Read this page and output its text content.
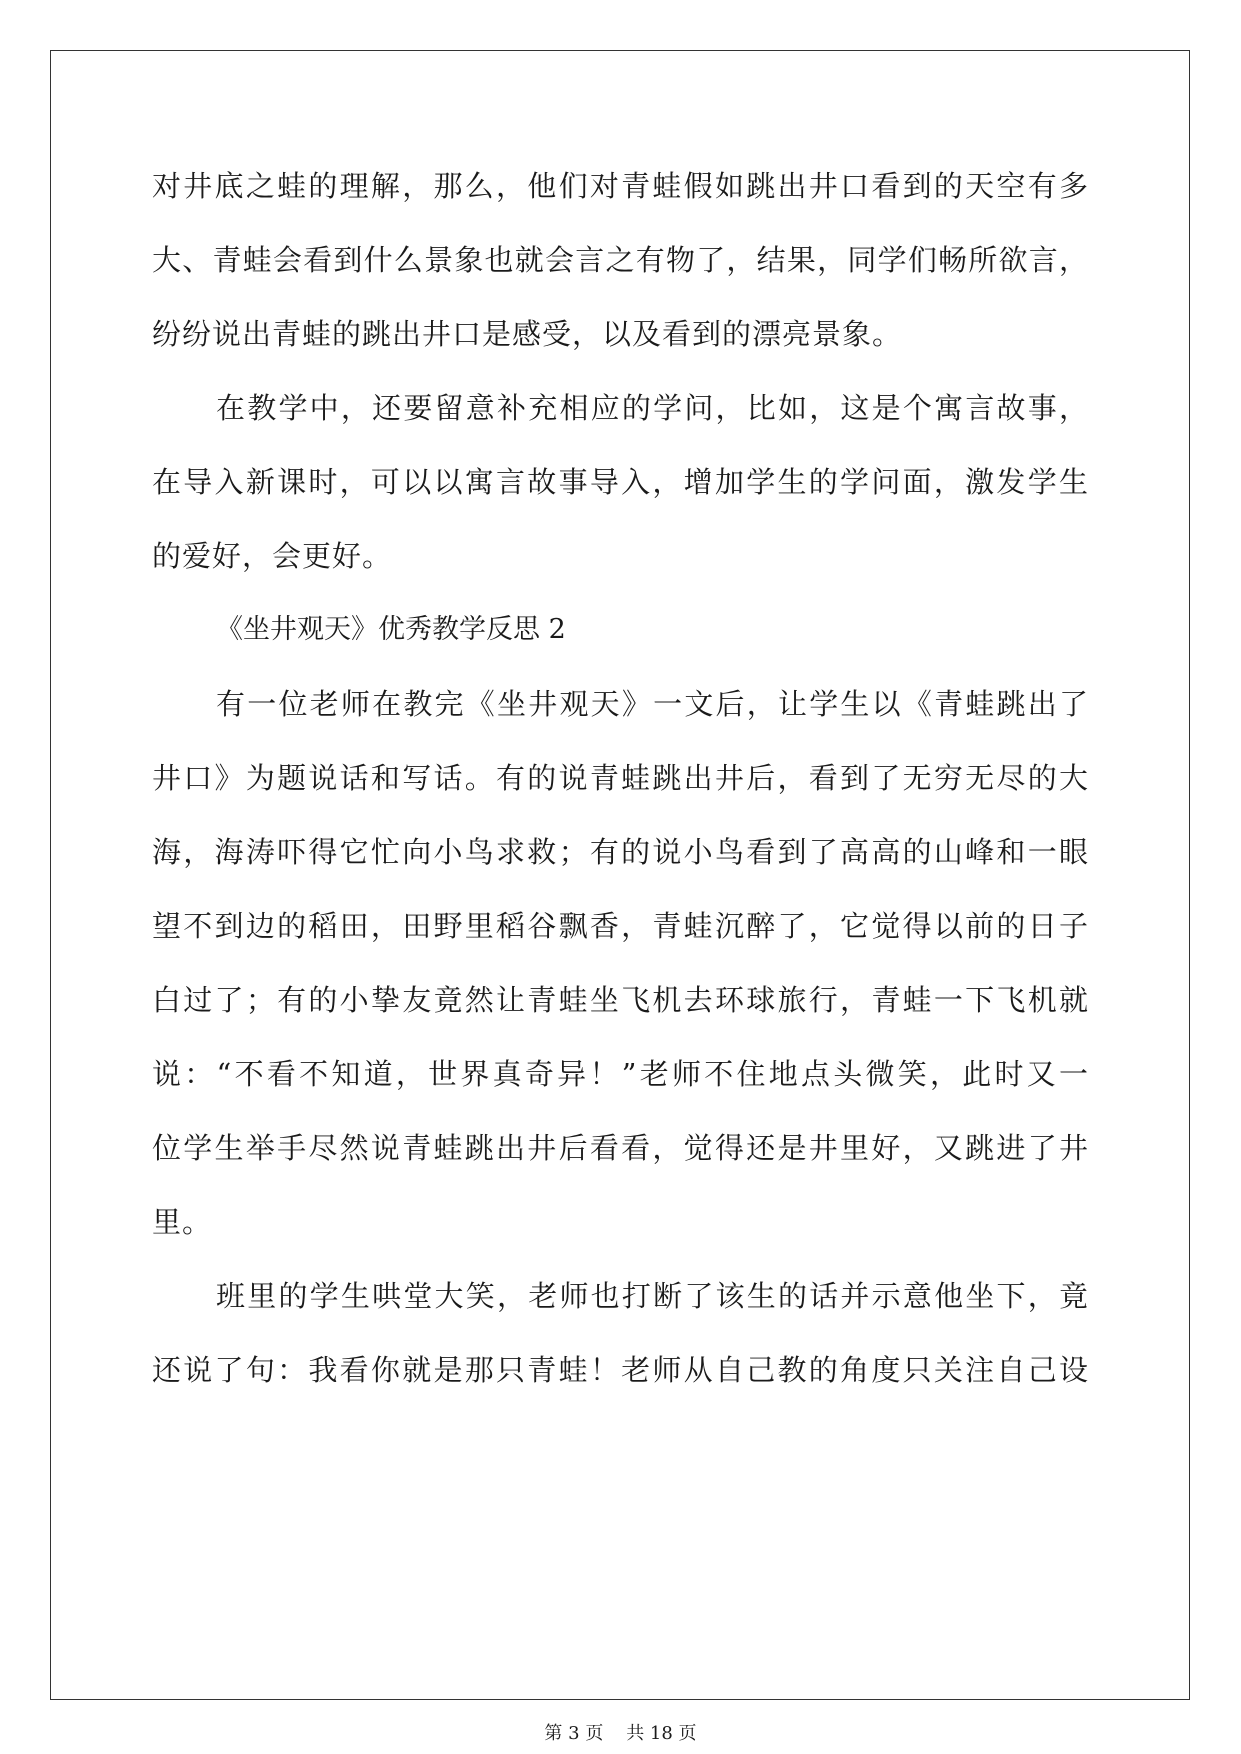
对井底之蛙的理解，那么，他们对青蛙假如跳出井口看到的天空有多
大、青蛙会看到什么景象也就会言之有物了，结果，同学们畅所欲言，
纷纷说出青蛙的跳出井口是感受，以及看到的漂亮景象。
在教学中，还要留意补充相应的学问，比如，这是个寓言故事，
在导入新课时，可以以寓言故事导入，增加学生的学问面，激发学生
的爱好，会更好。
《坐井观天》优秀教学反思 2
有一位老师在教完《坐井观天》一文后，让学生以《青蛙跳出了
井口》为题说话和写话。有的说青蛙跳出井后，看到了无穷无尽的大
海，海涛吓得它忙向小鸟求救；有的说小鸟看到了高高的山峰和一眼
望不到边的稻田，田野里稻谷飘香，青蛙沉醉了，它觉得以前的日子
白过了；有的小挚友竟然让青蛙坐飞机去环球旅行，青蛙一下飞机就
说：“不看不知道，世界真奇异！”老师不住地点头微笑，此时又一
位学生举手尽然说青蛙跳出井后看看，觉得还是井里好，又跳进了井
里。
班里的学生哄堂大笑，老师也打断了该生的话并示意他坐下，竟
还说了句：我看你就是那只青蛙！老师从自己教的角度只关注自己设
第 3 页    共 18 页
